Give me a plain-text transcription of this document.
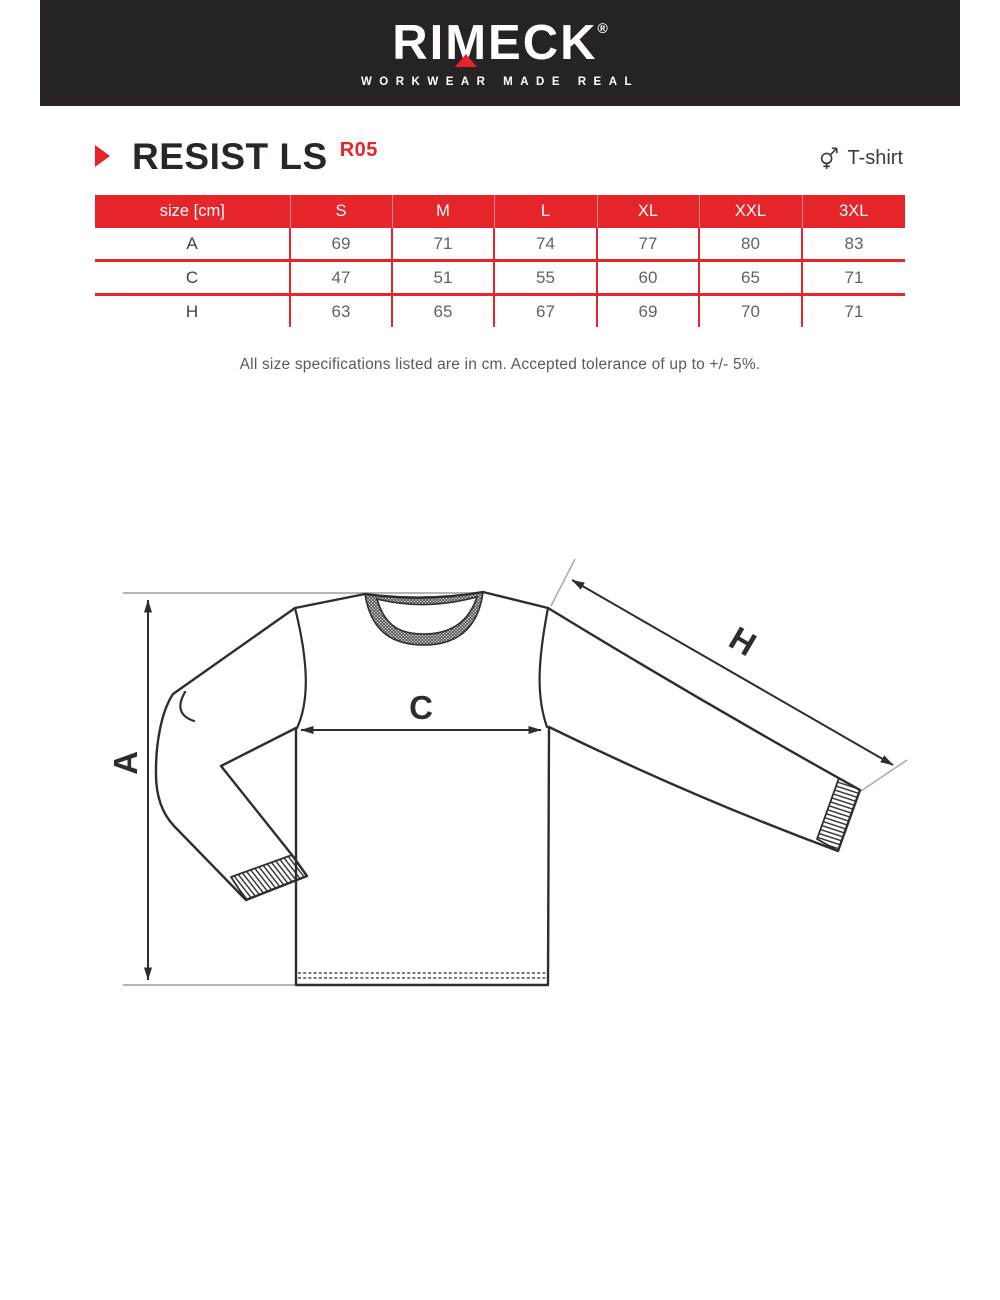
RIMECK®
WORKWEAR MADE REAL
RESIST LS R05	T-shirt
size [cm]	S	M	L	XL	XXL	3XL
A	69	71	74	77	80	83
C	47	51	55	60	65	71
H	63	65	67	69	70	71

All size specifications listed are in cm. Accepted tolerance of up to +/- 5%.

A
C
H
